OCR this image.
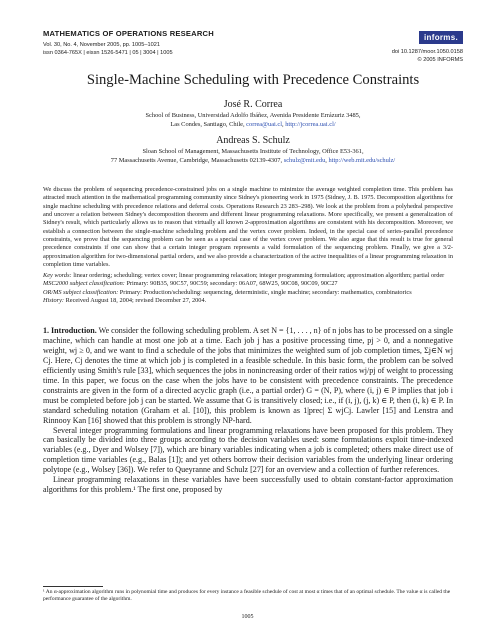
MATHEMATICS OF OPERATIONS RESEARCH
Vol. 30, No. 4, November 2005, pp. 1005–1021
issn 0364-765X | eissn 1526-5471 | 05 | 3004 | 1005
informs.
doi 10.1287/moor.1050.0158
© 2005 INFORMS
Single-Machine Scheduling with Precedence Constraints
José R. Correa
School of Business, Universidad Adolfo Ibáñez, Avenida Presidente Errázuriz 3485,
Las Condes, Santiago, Chile, correa@uai.cl, http://jcorrea.uai.cl/
Andreas S. Schulz
Sloan School of Management, Massachusetts Institute of Technology, Office E53-361,
77 Massachusetts Avenue, Cambridge, Massachusetts 02139-4307, schulz@mit.edu, http://web.mit.edu/schulz/
We discuss the problem of sequencing precedence-constrained jobs on a single machine to minimize the average weighted completion time. This problem has attracted much attention in the mathematical programming community since Sidney's pioneering work in 1975 (Sidney, J. B. 1975. Decomposition algorithms for single machine scheduling with precedence relations and deferral costs. Operations Research 23 283–298). We look at the problem from a polyhedral perspective and uncover a relation between Sidney's decomposition theorem and different linear programming relaxations. More specifically, we present a generalization of Sidney's result, which particularly allows us to reason that virtually all known 2-approximation algorithms are consistent with his decomposition. Moreover, we establish a connection between the single-machine scheduling problem and the vertex cover problem. Indeed, in the special case of series-parallel precedence constraints, we prove that the sequencing problem can be seen as a special case of the vertex cover problem. We also argue that this result is true for general precedence constraints if one can show that a certain integer program represents a valid formulation of the sequencing problem. Finally, we give a 3/2-approximation algorithm for two-dimensional partial orders, and we also provide a characterization of the active inequalities of a linear programming relaxation in completion time variables.

Key words: linear ordering; scheduling; vertex cover; linear programming relaxation; integer programming formulation; approximation algorithm; partial order

MSC2000 subject classification: Primary: 90B35, 90C57, 90C59; secondary: 06A07, 68W25, 90C08, 90C09, 90C27

OR/MS subject classification: Primary: Production/scheduling: sequencing, deterministic, single machine; secondary: mathematics, combinatorics

History: Received August 18, 2004; revised December 27, 2004.

1. Introduction. We consider the following scheduling problem. A set N = {1, . . . , n} of n jobs has to be processed on a single machine, which can handle at most one job at a time. Each job j has a positive processing time, pj > 0, and a nonnegative weight, wj ≥ 0, and we want to find a schedule of the jobs that minimizes the weighted sum of job completion times, Σj∈N wj Cj. Here, Cj denotes the time at which job j is completed in a feasible schedule. In this basic form, the problem can be solved efficiently using Smith's rule [33], which sequences the jobs in nonincreasing order of their ratios wj/pj of weight to processing time. In this paper, we focus on the case when the jobs have to be consistent with precedence constraints. The precedence constraints are given in the form of a directed acyclic graph (i.e., a partial order) G = (N, P), where (i, j) ∈ P implies that job i must be completed before job j can be started. We assume that G is transitively closed; i.e., if (i, j), (j, k) ∈ P, then (i, k) ∈ P. In standard scheduling notation (Graham et al. [10]), this problem is known as 1|prec| Σ wjCj. Lawler [15] and Lenstra and Rinnooy Kan [16] showed that this problem is strongly NP-hard.

Several integer programming formulations and linear programming relaxations have been proposed for this problem. They can basically be divided into three groups according to the decision variables used: some formulations exploit time-indexed variables (e.g., Dyer and Wolsey [7]), which are binary variables indicating when a job is completed; others make direct use of completion time variables (e.g., Balas [1]); and yet others borrow their decision variables from the underlying linear ordering polytope (e.g., Wolsey [36]). We refer to Queyranne and Schulz [27] for an overview and a collection of further references.

Linear programming relaxations in these variables have been successfully used to obtain constant-factor approximation algorithms for this problem.¹ The first one, proposed by

¹ An α-approximation algorithm runs in polynomial time and produces for every instance a feasible schedule of cost at most α times that of an optimal schedule. The value α is called the performance guarantee of the algorithm.
1005
